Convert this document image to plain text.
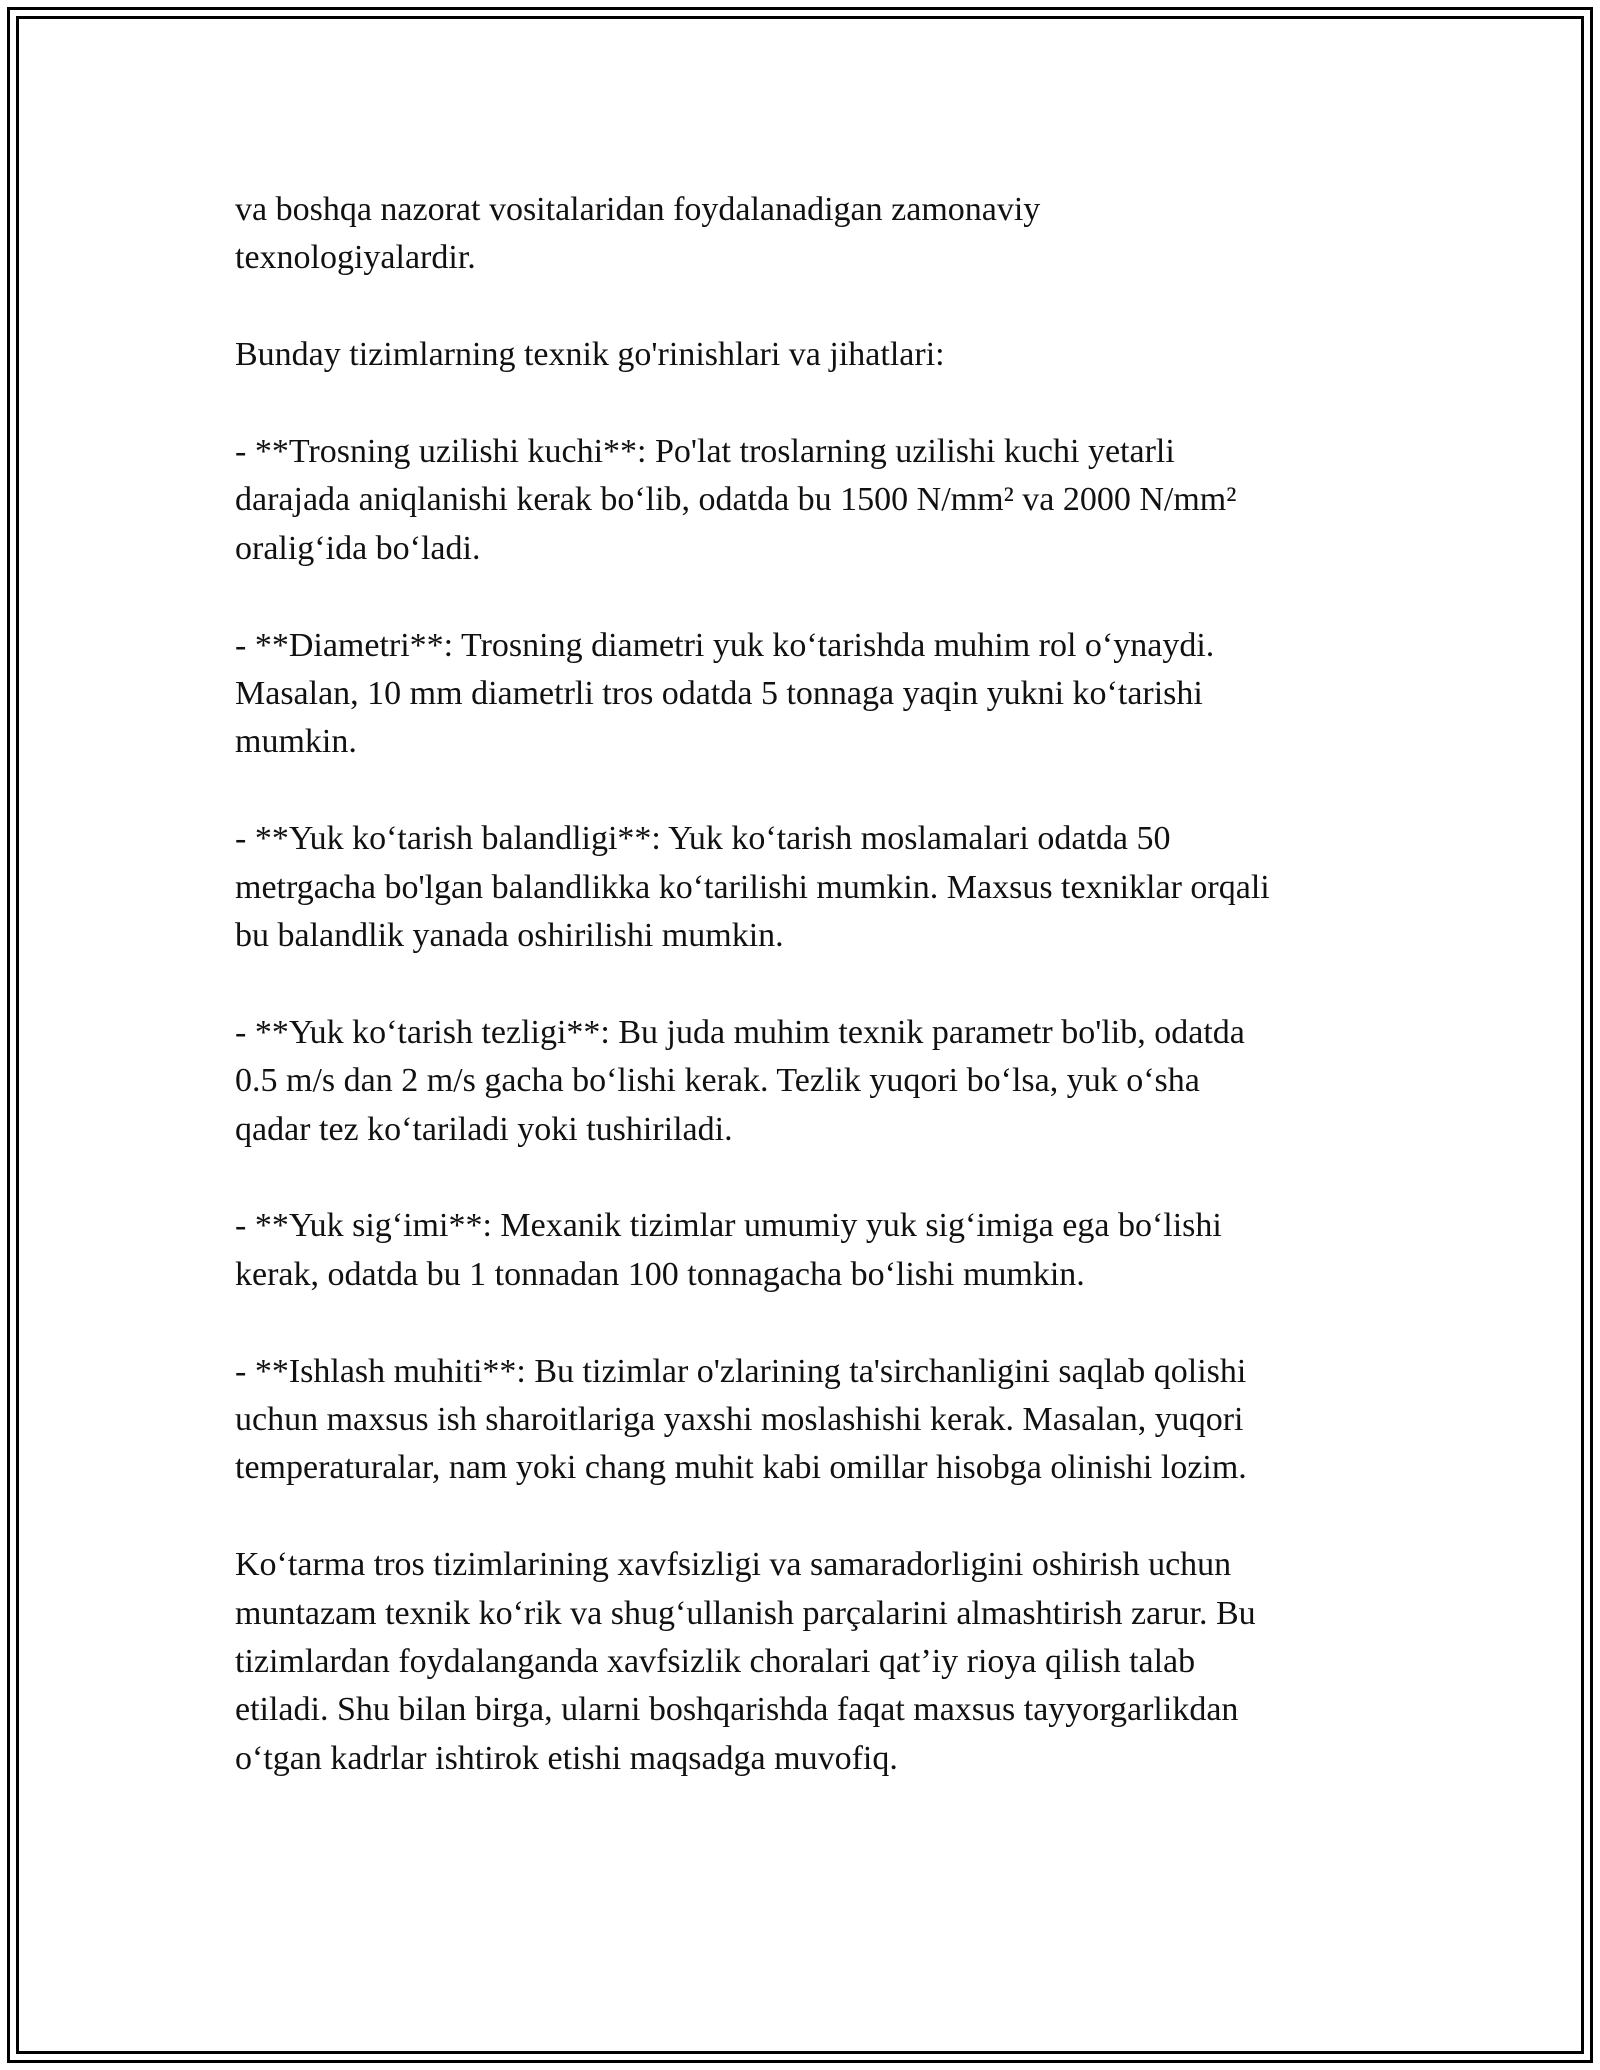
va boshqa nazorat vositalaridan foydalanadigan zamonaviy
texnologiyalardir.

Bunday tizimlarning texnik go'rinishlari va jihatlari:

- **Trosning uzilishi kuchi**: Po'lat troslarning uzilishi kuchi yetarli
darajada aniqlanishi kerak bo‘lib, odatda bu 1500 N/mm² va 2000 N/mm²
oralig‘ida bo‘ladi.

- **Diametri**: Trosning diametri yuk ko‘tarishda muhim rol o‘ynaydi.
Masalan, 10 mm diametrli tros odatda 5 tonnaga yaqin yukni ko‘tarishi
mumkin.

- **Yuk ko‘tarish balandligi**: Yuk ko‘tarish moslamalari odatda 50
metrgacha bo'lgan balandlikka ko‘tarilishi mumkin. Maxsus texniklar orqali
bu balandlik yanada oshirilishi mumkin.

- **Yuk ko‘tarish tezligi**: Bu juda muhim texnik parametr bo'lib, odatda
0.5 m/s dan 2 m/s gacha bo‘lishi kerak. Tezlik yuqori bo‘lsa, yuk o‘sha
qadar tez ko‘tariladi yoki tushiriladi.

- **Yuk sig‘imi**: Mexanik tizimlar umumiy yuk sig‘imiga ega bo‘lishi
kerak, odatda bu 1 tonnadan 100 tonnagacha bo‘lishi mumkin.

- **Ishlash muhiti**: Bu tizimlar o'zlarining ta'sirchanligini saqlab qolishi
uchun maxsus ish sharoitlariga yaxshi moslashishi kerak. Masalan, yuqori
temperaturalar, nam yoki chang muhit kabi omillar hisobga olinishi lozim.

Ko‘tarma tros tizimlarining xavfsizligi va samaradorligini oshirish uchun
muntazam texnik ko‘rik va shug‘ullanish parçalarini almashtirish zarur. Bu
tizimlardan foydalanganda xavfsizlik choralari qat’iy rioya qilish talab
etiladi. Shu bilan birga, ularni boshqarishda faqat maxsus tayyorgarlikdan
o‘tgan kadrlar ishtirok etishi maqsadga muvofiq.
